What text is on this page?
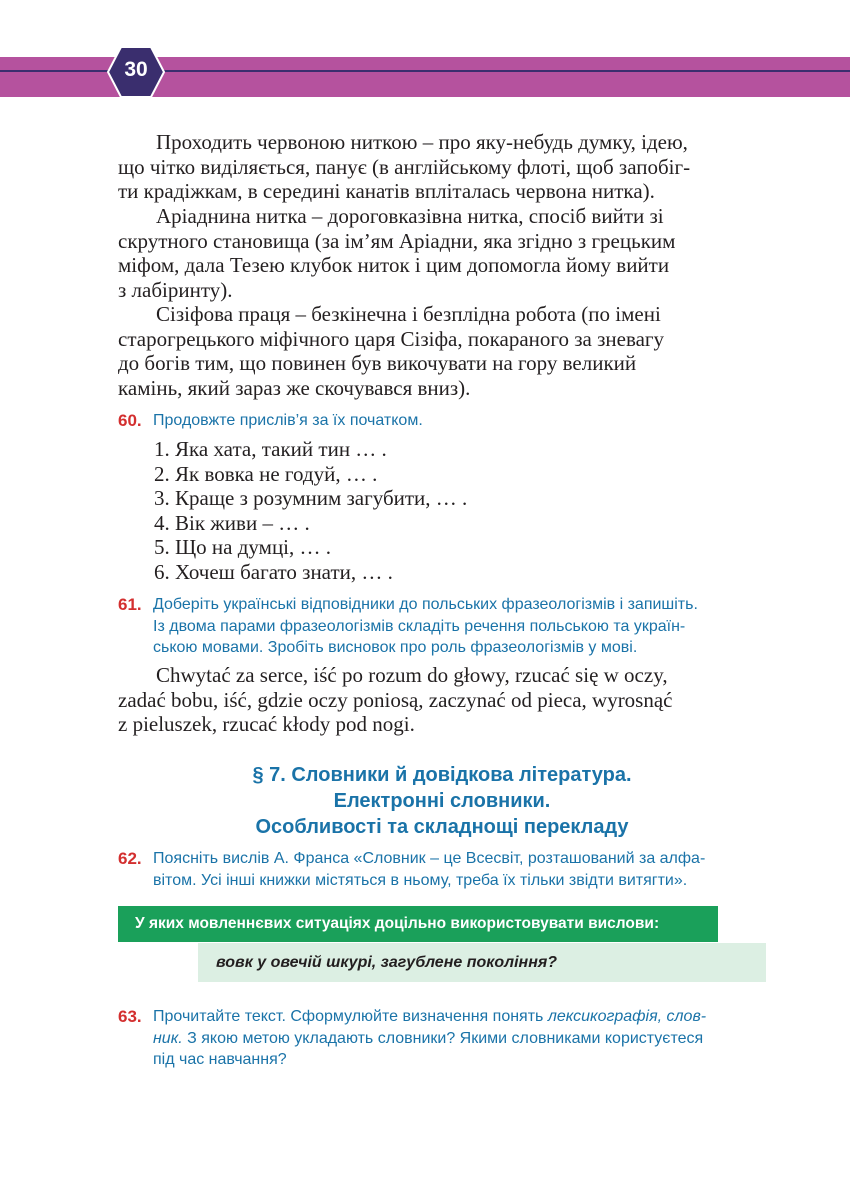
30
Проходить червоною ниткою – про яку-небудь думку, ідею,
що чітко виділяється, панує (в англійському флоті, щоб запобіг-
ти крадіжкам, в середині канатів впліталась червона нитка).
Аріаднина нитка – дороговказівна нитка, спосіб вийти зі
скрутного становища (за ім’ям Аріадни, яка згідно з грецьким
міфом, дала Тезею клубок ниток і цим допомогла йому вийти
з лабіринту).
Сізіфова праця – безкінечна і безплідна робота (по імені
старогрецького міфічного царя Сізіфа, покараного за зневагу
до богів тим, що повинен був викочувати на гору великий
камінь, який зараз же скочувався вниз).
60. Продовжте прислів’я за їх початком.
1. Яка хата, такий тин … .
2. Як вовка не годуй, … .
3. Краще з розумним загубити, … .
4. Вік живи – … .
5. Що на думці, … .
6. Хочеш багато знати, … .
61. Доберіть українські відповідники до польських фразеологізмів і запишіть.
Із двома парами фразеологізмів складіть речення польською та україн-
ською мовами. Зробіть висновок про роль фразеологізмів у мові.
Chwytać za serce, iść po rozum do głowy, rzucać się w oczy,
zadać bobu, iść, gdzie oczy poniosą, zaczynać od pieca, wyrosnąć
z pieluszek, rzucać kłody pod nogi.
§ 7. Словники й довідкова література.
Електронні словники.
Особливості та складнощі перекладу
62. Поясніть вислів А. Франса «Словник – це Всесвіт, розташований за алфа-
вітом. Усі інші книжки містяться в ньому, треба їх тільки звідти витягти».
У яких мовленнєвих ситуаціях доцільно використовувати вислови:
вовк у овечій шкурі, загублене покоління?
63. Прочитайте текст. Сформулюйте визначення понять лексикографія, слов-
ник. З якою метою укладають словники? Якими словниками користуєтеся
під час навчання?
